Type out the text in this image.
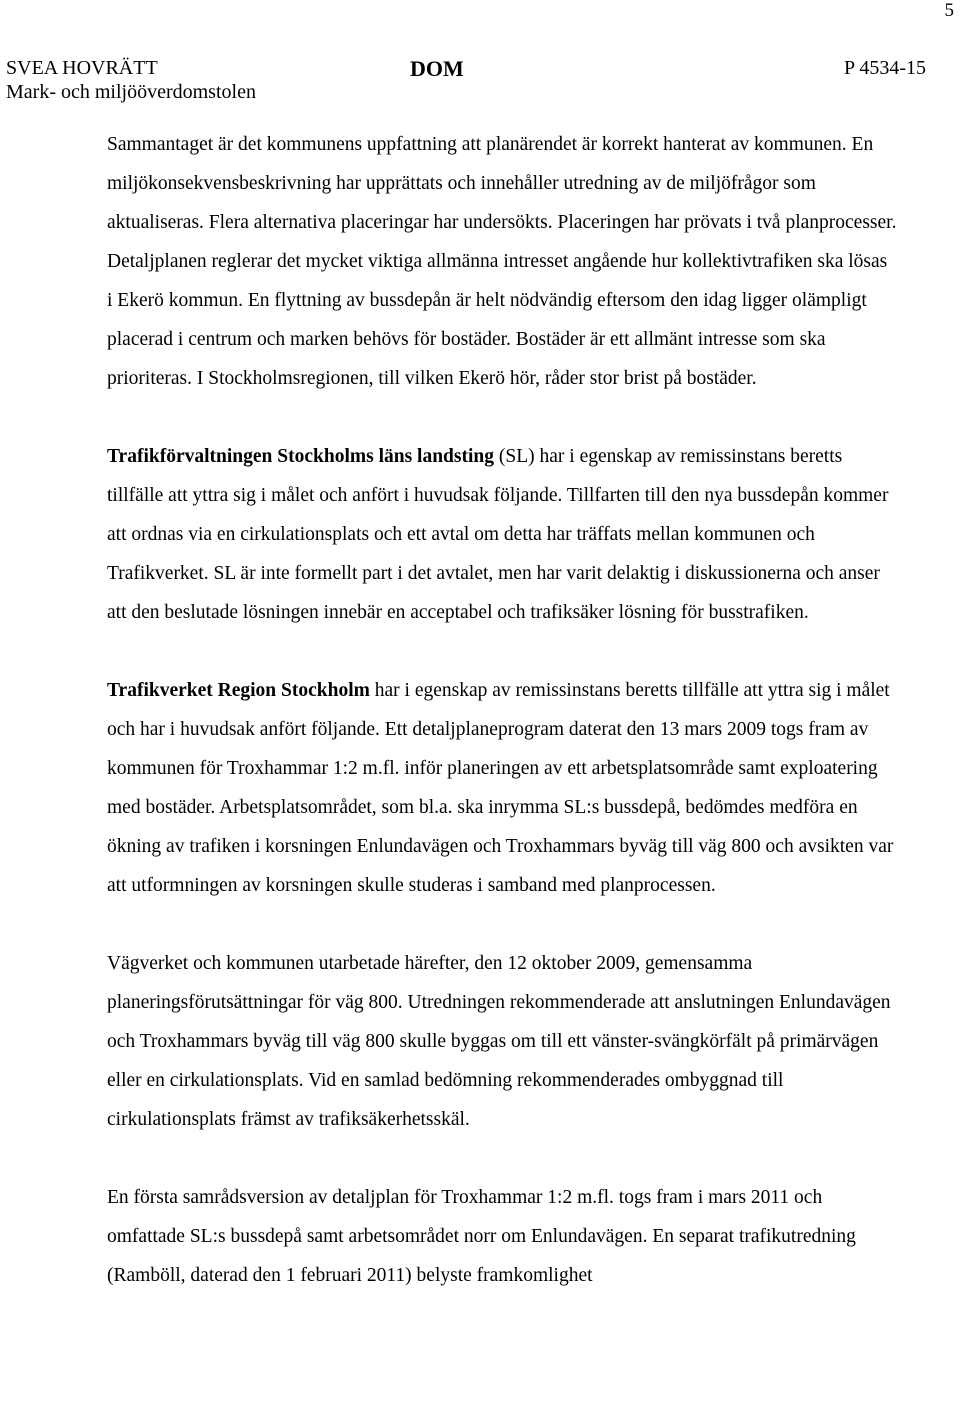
5
SVEA HOVRÄTT
Mark- och miljööverdomstolen
DOM	P 4534-15

Sammantaget är det kommunens uppfattning att planärendet är korrekt hanterat av kommunen. En miljökonsekvensbeskrivning har upprättats och innehåller utredning av de miljöfrågor som aktualiseras. Flera alternativa placeringar har undersökts. Placeringen har prövats i två planprocesser. Detaljplanen reglerar det mycket viktiga allmänna intresset angående hur kollektivtrafiken ska lösas i Ekerö kommun. En flyttning av bussdepån är helt nödvändig eftersom den idag ligger olämpligt placerad i centrum och marken behövs för bostäder. Bostäder är ett allmänt intresse som ska prioriteras. I Stockholmsregionen, till vilken Ekerö hör, råder stor brist på bostäder.

Trafikförvaltningen Stockholms läns landsting (SL) har i egenskap av remissinstans beretts tillfälle att yttra sig i målet och anfört i huvudsak följande. Tillfarten till den nya bussdepån kommer att ordnas via en cirkulationsplats och ett avtal om detta har träffats mellan kommunen och Trafikverket. SL är inte formellt part i det avtalet, men har varit delaktig i diskussionerna och anser att den beslutade lösningen innebär en acceptabel och trafiksäker lösning för busstrafiken.

Trafikverket Region Stockholm har i egenskap av remissinstans beretts tillfälle att yttra sig i målet och har i huvudsak anfört följande. Ett detaljplaneprogram daterat den 13 mars 2009 togs fram av kommunen för Troxhammar 1:2 m.fl. inför planeringen av ett arbetsplatsområde samt exploatering med bostäder. Arbetsplatsområdet, som bl.a. ska inrymma SL:s bussdepå, bedömdes medföra en ökning av trafiken i korsningen Enlundavägen och Troxhammars byväg till väg 800 och avsikten var att utformningen av korsningen skulle studeras i samband med planprocessen.

Vägverket och kommunen utarbetade härefter, den 12 oktober 2009, gemensamma planeringsförutsättningar för väg 800. Utredningen rekommenderade att anslutningen Enlundavägen och Troxhammars byväg till väg 800 skulle byggas om till ett vänster-svängkörfält på primärvägen eller en cirkulationsplats. Vid en samlad bedömning rekommenderades ombyggnad till cirkulationsplats främst av trafiksäkerhetsskäl.

En första samrådsversion av detaljplan för Troxhammar 1:2 m.fl. togs fram i mars 2011 och omfattade SL:s bussdepå samt arbetsområdet norr om Enlundavägen. En separat trafikutredning (Ramböll, daterad den 1 februari 2011) belyste framkomlighet
